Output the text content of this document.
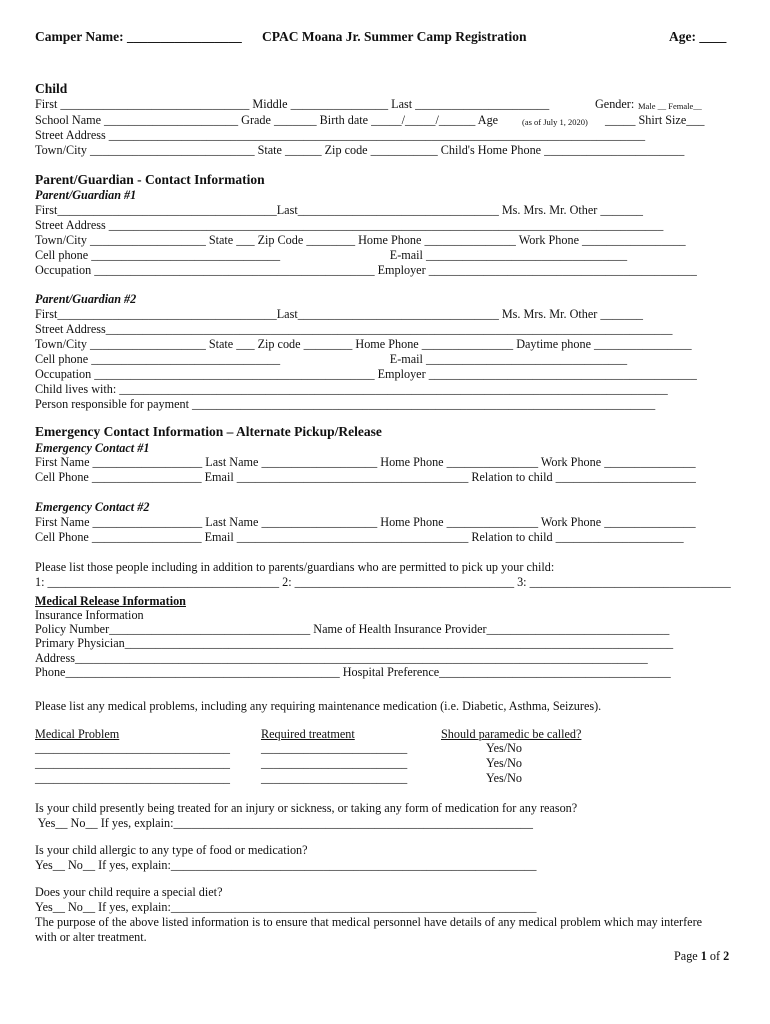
Camper Name: _________________ CPAC Moana Jr. Summer Camp Registration	Age: ____
Child
First _______________________________ Middle ________________ Last ______________________	Gender: Male __ Female__
School Name ______________________ Grade _______ Birth date _____/_____/______ Age	(as of July 1, 2020) _____ Shirt Size___
Street Address ________________________________________________________________________________________
Town/City ___________________________ State ______ Zip code ___________ Child's Home Phone _______________________
Parent/Guardian - Contact Information
Parent/Guardian #1
First____________________________________Last_________________________________ Ms. Mrs. Mr. Other _______
Street Address ___________________________________________________________________________________________
Town/City ___________________ State ___ Zip Code ________ Home Phone _______________ Work Phone _________________
Cell phone _______________________________                                    E-mail _________________________________
Occupation ______________________________________________ Employer ____________________________________________
Parent/Guardian #2
First____________________________________Last_________________________________ Ms. Mrs. Mr. Other _______
Street Address_____________________________________________________________________________________________
Town/City ___________________ State ___ Zip code ________ Home Phone _______________ Daytime phone ________________
Cell phone _______________________________                                    E-mail _________________________________
Occupation ______________________________________________ Employer ____________________________________________
Child lives with: __________________________________________________________________________________________
Person responsible for payment ____________________________________________________________________________
Emergency Contact Information – Alternate Pickup/Release
Emergency Contact #1
First Name __________________ Last Name ___________________ Home Phone _______________ Work Phone _______________
Cell Phone __________________ Email ______________________________________ Relation to child _______________________
Emergency Contact #2
First Name __________________ Last Name ___________________ Home Phone _______________ Work Phone _______________
Cell Phone __________________ Email ______________________________________ Relation to child _____________________
Please list those people including in addition to parents/guardians who are permitted to pick up your child:
1: ______________________________________ 2: ____________________________________ 3: _________________________________
Medical Release Information
Insurance Information
Policy Number_________________________________ Name of Health Insurance Provider______________________________
Primary Physician__________________________________________________________________________________________
Address______________________________________________________________________________________________
Phone_____________________________________________ Hospital Preference______________________________________
Please list any medical problems, including any requiring maintenance medication (i.e. Diabetic, Asthma, Seizures).
Medical Problem	Required treatment	Should paramedic be called?
________________________________	________________________	Yes/No
________________________________	________________________	Yes/No
________________________________	________________________	Yes/No
Is your child presently being treated for an injury or sickness, or taking any form of medication for any reason?
Yes__ No__ If yes, explain:___________________________________________________________
Is your child allergic to any type of food or medication?
Yes__ No__ If yes, explain:____________________________________________________________
Does your child require a special diet?
Yes__ No__ If yes, explain:____________________________________________________________
The purpose of the above listed information is to ensure that medical personnel have details of any medical problem which may interfere
with or alter treatment.
Page 1 of 2
